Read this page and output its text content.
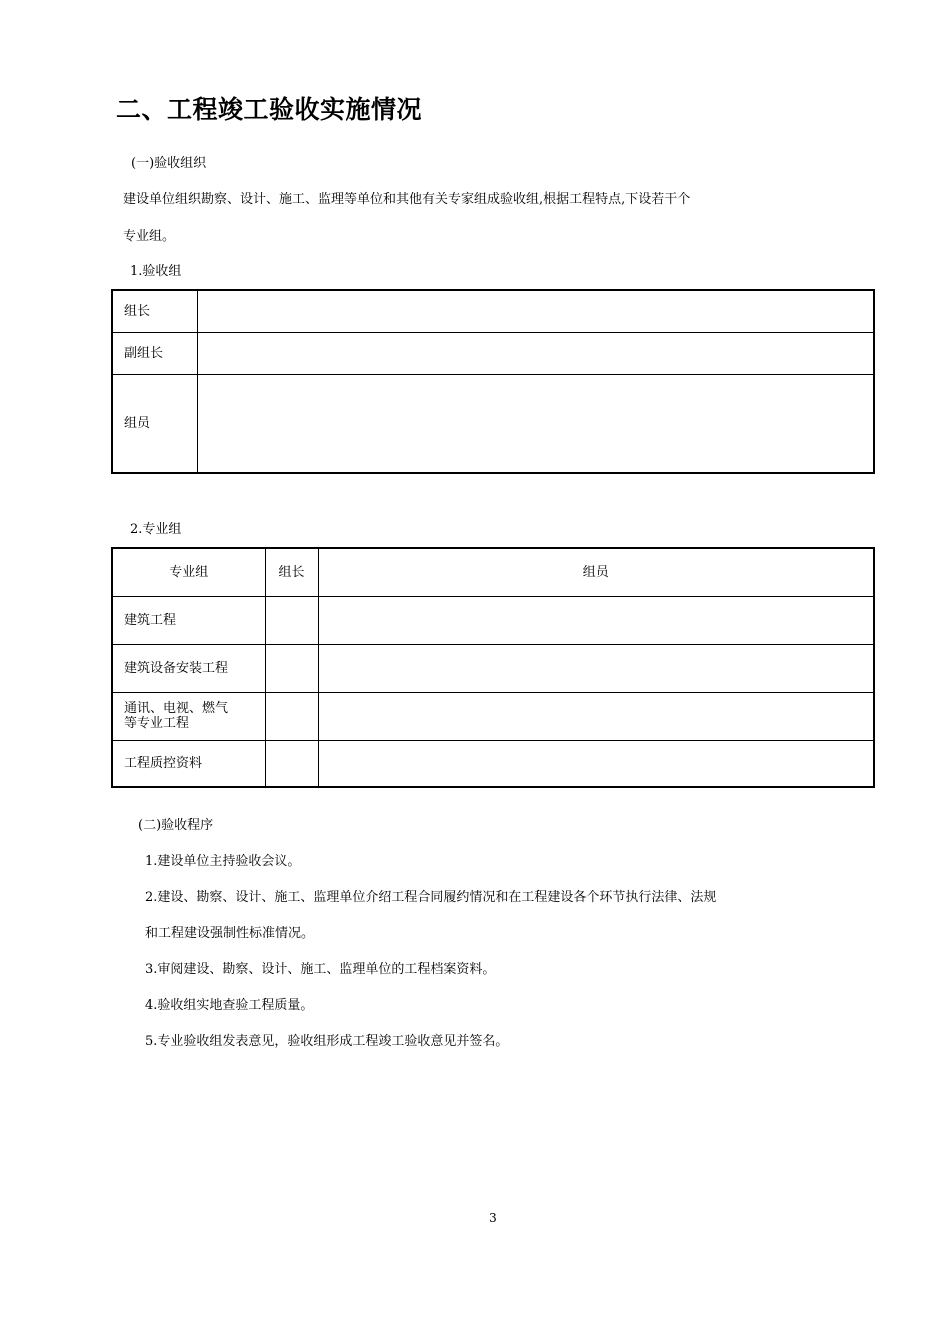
二、工程竣工验收实施情况
(一)验收组织
建设单位组织勘察、设计、施工、监理等单位和其他有关专家组成验收组,根据工程特点,下设若干个
专业组。
1.验收组
组长	
副组长	
组员	
2.专业组
专业组	组长	组员
建筑工程		
建筑设备安装工程		

通讯、电视、燃气
等专业工程		

工程质控资料		
(二)验收程序
1.建设单位主持验收会议。
2.建设、勘察、设计、施工、监理单位介绍工程合同履约情况和在工程建设各个环节执行法律、法规
和工程建设强制性标准情况。
3.审阅建设、勘察、设计、施工、监理单位的工程档案资料。
4.验收组实地查验工程质量。
5.专业验收组发表意见，验收组形成工程竣工验收意见并签名。
3
